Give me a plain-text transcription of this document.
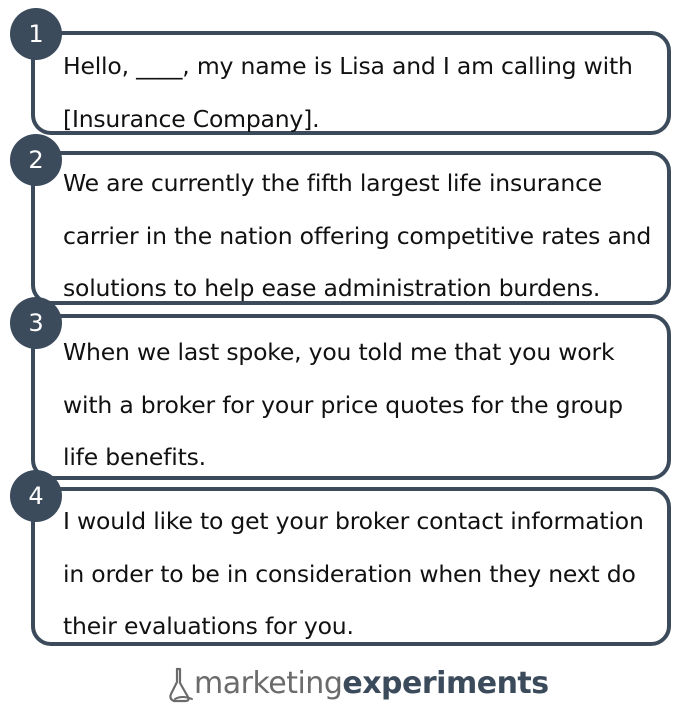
Hello, ____, my name is Lisa and I am calling with [Insurance Company].

We are currently the fifth largest life insurance carrier in the nation offering competitive rates and solutions to help ease administration burdens.

When we last spoke, you told me that you work with a broker for your price quotes for the group life benefits.

I would like to get your broker contact information in order to be in consideration when they next do their evaluations for you.

1
2
3
4
marketing experiments
